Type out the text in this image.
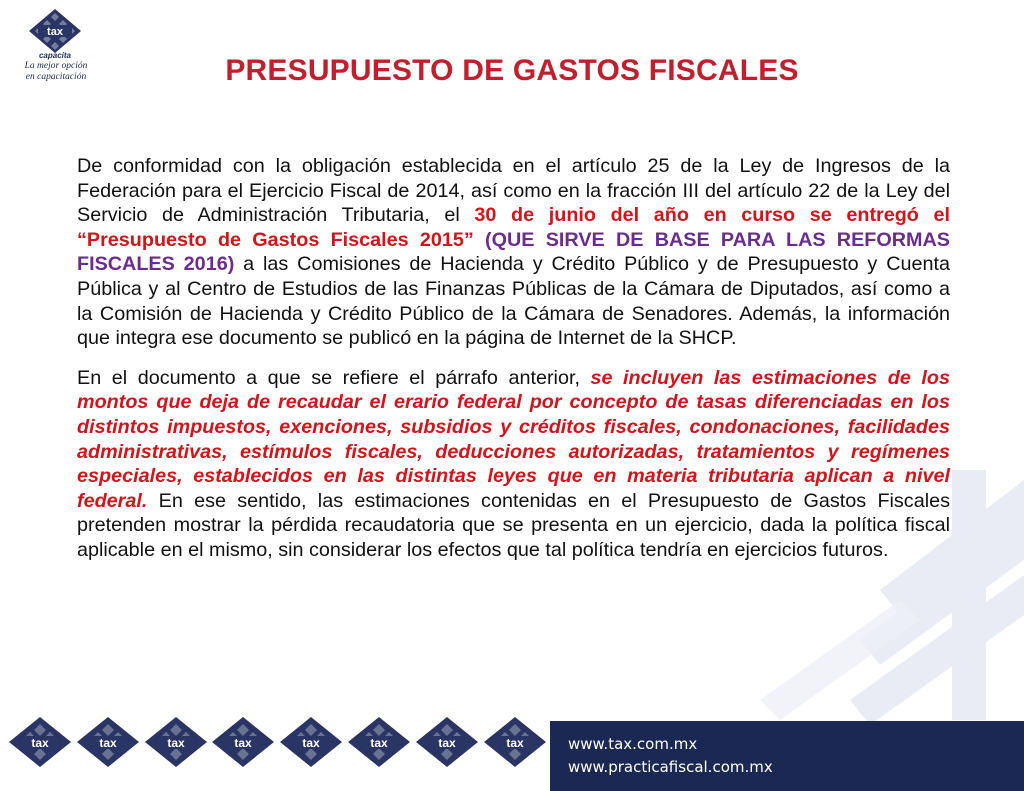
tax
capacita
La mejor opción
en capacitación	PRESUPUESTO DE GASTOS FISCALES

De conformidad con la obligación establecida en el artículo 25 de la Ley de Ingresos de la Federación para el Ejercicio Fiscal de 2014, así como en la fracción III del artículo 22 de la Ley del Servicio de Administración Tributaria, el 30 de junio del año en curso se entregó el “Presupuesto de Gastos Fiscales 2015” (QUE SIRVE DE BASE PARA LAS REFORMAS FISCALES 2016) a las Comisiones de Hacienda y Crédito Público y de Presupuesto y Cuenta Pública y al Centro de Estudios de las Finanzas Públicas de la Cámara de Diputados, así como a la Comisión de Hacienda y Crédito Público de la Cámara de Senadores. Además, la información que integra ese documento se publicó en la página de Internet de la SHCP.

En el documento a que se refiere el párrafo anterior, se incluyen las estimaciones de los montos que deja de recaudar el erario federal por concepto de tasas diferenciadas en los distintos impuestos, exenciones, subsidios y créditos fiscales, condonaciones, facilidades administrativas, estímulos fiscales, deducciones autorizadas, tratamientos y regímenes especiales, establecidos en las distintas leyes que en materia tributaria aplican a nivel federal. En ese sentido, las estimaciones contenidas en el Presupuesto de Gastos Fiscales pretenden mostrar la pérdida recaudatoria que se presenta en un ejercicio, dada la política fiscal aplicable en el mismo, sin considerar los efectos que tal política tendría en ejercicios futuros.

tax	tax	tax	tax	tax	tax	tax	tax	www.tax.com.mx
www.practicafiscal.com.mx
